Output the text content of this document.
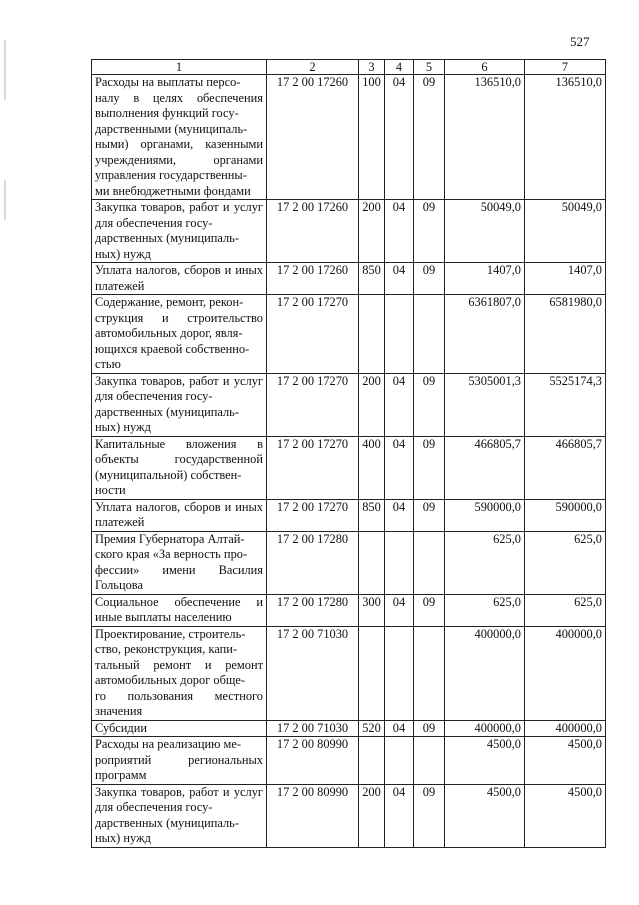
527
1	2	3	4	5	6	7
Расходы на выплаты персо-
налу в целях обеспечения выполнения функций госу-
дарственными (муниципаль-
ными) органами, казенными учреждениями, органами управления государственны-
ми внебюджетными фондами	17 2 00 17260	100	04	09	136510,0	136510,0
Закупка товаров, работ и услуг для обеспечения госу-
дарственных (муниципаль-
ных) нужд	17 2 00 17260	200	04	09	50049,0	50049,0
Уплата налогов, сборов и иных платежей	17 2 00 17260	850	04	09	1407,0	1407,0
Содержание, ремонт, рекон-
струкция и строительство автомобильных дорог, явля-
ющихся краевой собственно-
стью	17 2 00 17270				6361807,0	6581980,0
Закупка товаров, работ и услуг для обеспечения госу-
дарственных (муниципаль-
ных) нужд	17 2 00 17270	200	04	09	5305001,3	5525174,3
Капитальные вложения в объекты государственной (муниципальной) собствен-
ности	17 2 00 17270	400	04	09	466805,7	466805,7
Уплата налогов, сборов и иных платежей	17 2 00 17270	850	04	09	590000,0	590000,0
Премия Губернатора Алтай-
ского края «За верность про-
фессии» имени Василия Гольцова	17 2 00 17280				625,0	625,0
Социальное обеспечение и иные выплаты населению	17 2 00 17280	300	04	09	625,0	625,0
Проектирование, строитель-
ство, реконструкция, капи-
тальный ремонт и ремонт автомобильных дорог обще-
го пользования местного значения	17 2 00 71030				400000,0	400000,0
Субсидии	17 2 00 71030	520	04	09	400000,0	400000,0
Расходы на реализацию ме-
роприятий региональных программ	17 2 00 80990				4500,0	4500,0
Закупка товаров, работ и услуг для обеспечения госу-
дарственных (муниципаль-
ных) нужд	17 2 00 80990	200	04	09	4500,0	4500,0
